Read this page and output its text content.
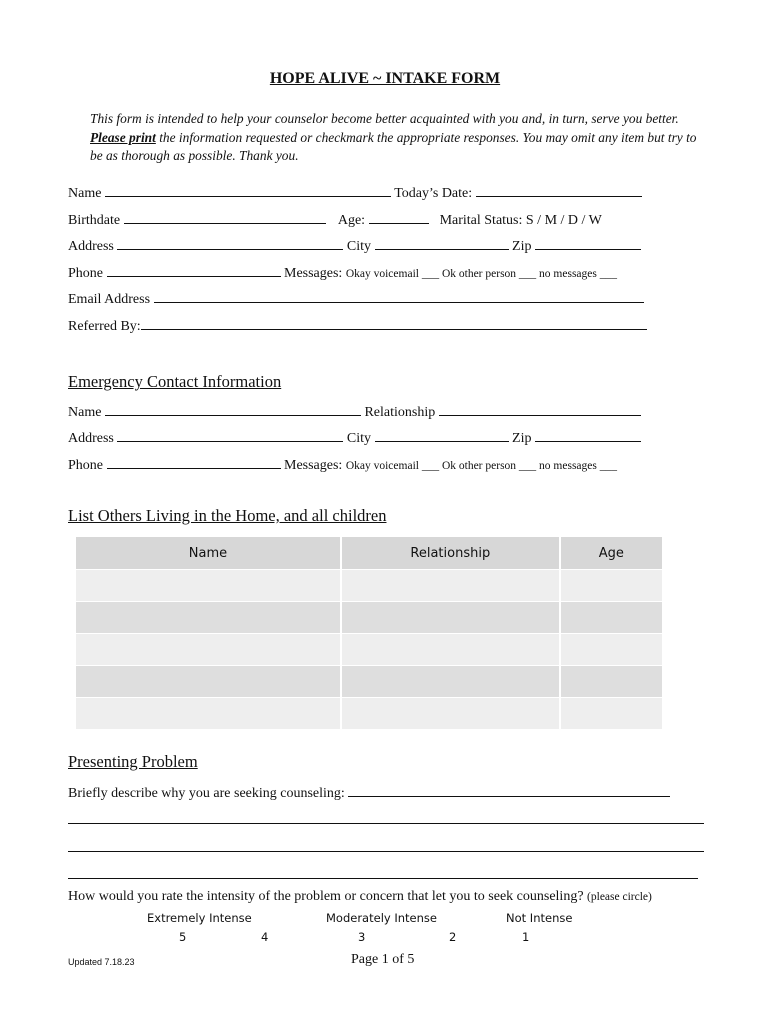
HOPE ALIVE ~ INTAKE FORM
This form is intended to help your counselor become better acquainted with you and, in turn, serve you better. Please print the information requested or checkmark the appropriate responses. You may omit any item but try to be as thorough as possible. Thank you.
Name	Today’s Date:
Birthdate	Age:	Marital Status: S / M / D / W
Address	City	Zip
Phone	Messages: Okay voicemail ___ Ok other person ___ no messages ___
Email Address
Referred By:
Emergency Contact Information
Name	Relationship
Address	City	Zip
Phone	Messages: Okay voicemail ___ Ok other person ___ no messages ___
List Others Living in the Home, and all children
Name	Relationship	Age

Presenting Problem
Briefly describe why you are seeking counseling:
How would you rate the intensity of the problem or concern that let you to seek counseling? (please circle)
Extremely Intense	Moderately Intense	Not Intense
5	4	3	2	1
Updated 7.18.23	Page 1 of 5
